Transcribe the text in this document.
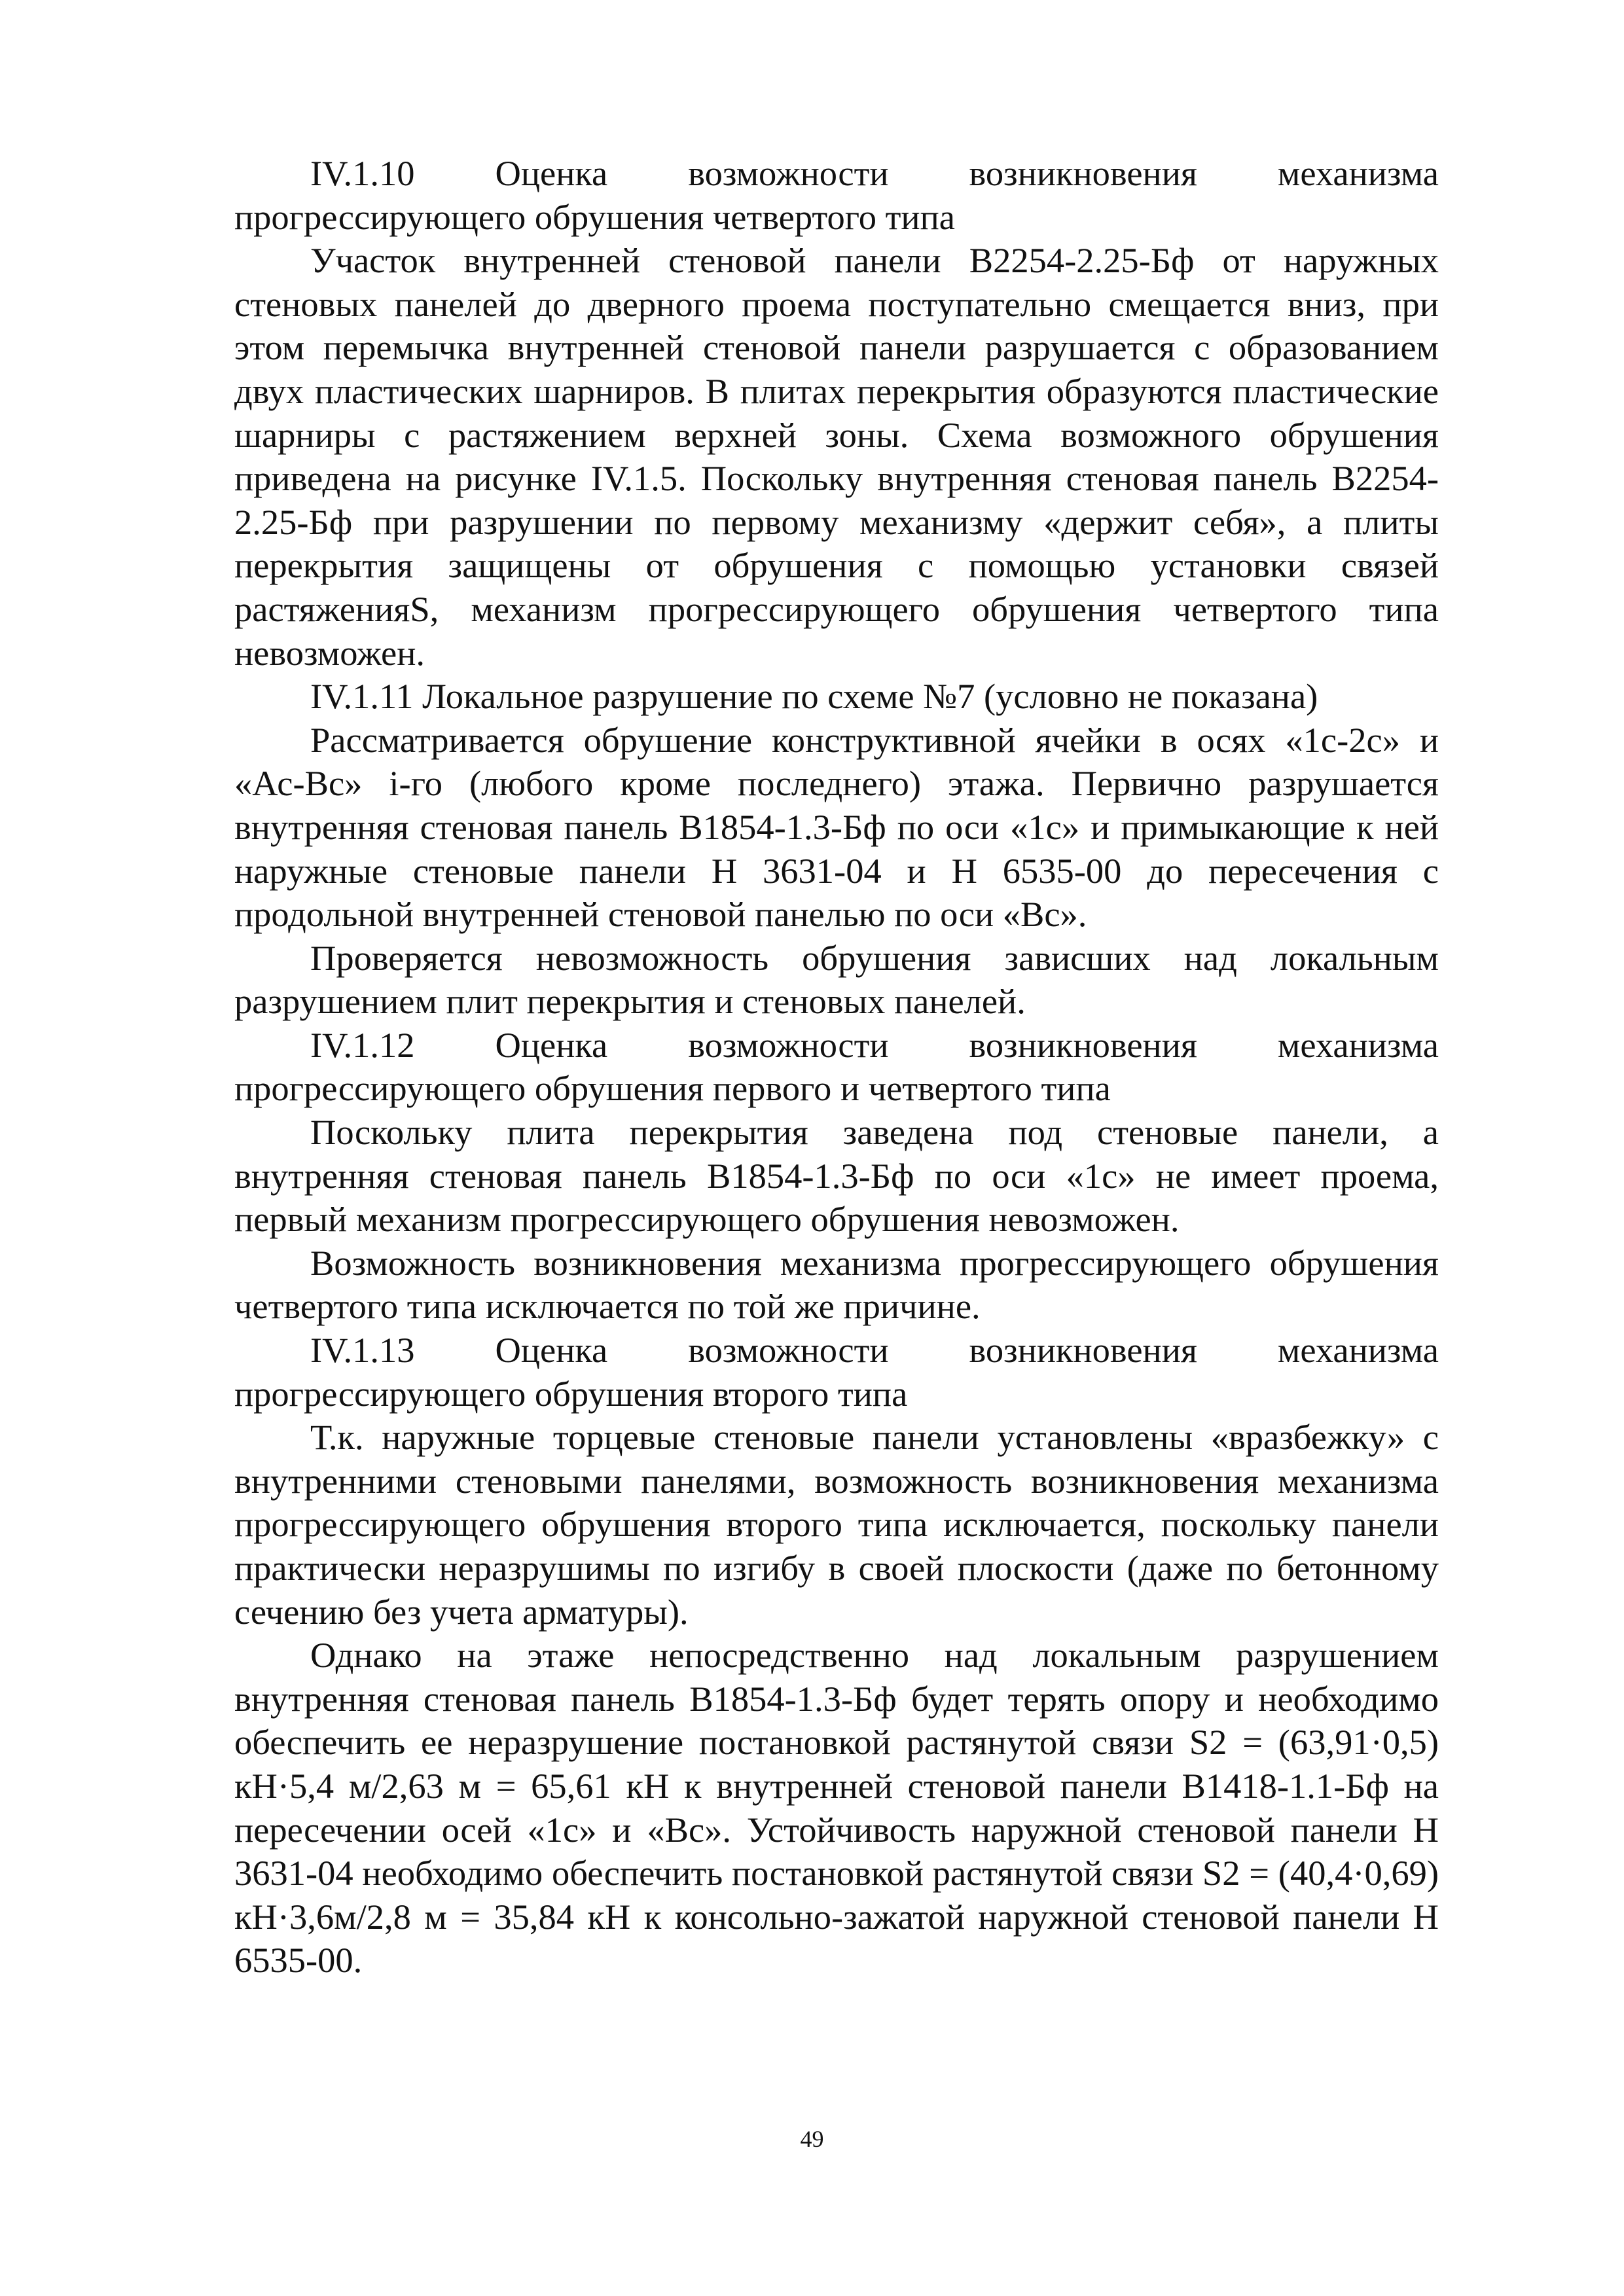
IV.1.10 Оценка возможности возникновения механизма прогрессирующего обрушения четвертого типа

Участок внутренней стеновой панели В2254-2.25-Бф от наружных стеновых панелей до дверного проема поступательно смещается вниз, при этом перемычка внутренней стеновой панели разрушается с образованием двух пластических шарниров. В плитах перекрытия образуются пластические шарниры с растяжением верхней зоны. Схема возможного обрушения приведена на рисунке IV.1.5. Поскольку внутренняя стеновая панель В2254-2.25-Бф при разрушении по первому механизму «держит себя», а плиты перекрытия защищены от обрушения с помощью установки связей растяженияS, механизм прогрессирующего обрушения четвертого типа невозможен.

IV.1.11 Локальное разрушение по схеме №7 (условно не показана)

Рассматривается обрушение конструктивной ячейки в осях «1с-2с» и «Ас-Вс» i-го (любого кроме последнего) этажа. Первично разрушается внутренняя стеновая панель В1854-1.3-Бф по оси «1с» и примыкающие к ней наружные стеновые панели Н 3631-04 и Н 6535-00 до пересечения с продольной внутренней стеновой панелью по оси «Вс».

Проверяется невозможность обрушения зависших над локальным разрушением плит перекрытия и стеновых панелей.

IV.1.12 Оценка возможности возникновения механизма прогрессирующего обрушения первого и четвертого типа

Поскольку плита перекрытия заведена под стеновые панели, а внутренняя стеновая панель В1854-1.3-Бф по оси «1с» не имеет проема, первый механизм прогрессирующего обрушения невозможен.

Возможность возникновения механизма прогрессирующего обрушения четвертого типа исключается по той же причине.

IV.1.13 Оценка возможности возникновения механизма прогрессирующего обрушения второго типа

Т.к. наружные торцевые стеновые панели установлены «вразбежку» с внутренними стеновыми панелями, возможность возникновения механизма прогрессирующего обрушения второго типа исключается, поскольку панели практически неразрушимы по изгибу в своей плоскости (даже по бетонному сечению без учета арматуры).

Однако на этаже непосредственно над локальным разрушением внутренняя стеновая панель В1854-1.3-Бф будет терять опору и необходимо обеспечить ее неразрушение постановкой растянутой связи S2 = (63,91·0,5) кН·5,4 м/2,63 м = 65,61 кН к внутренней стеновой панели В1418-1.1-Бф на пересечении осей «1с» и «Вс». Устойчивость наружной стеновой панели Н 3631-04 необходимо обеспечить постановкой растянутой связи S2 = (40,4·0,69) кН·3,6м/2,8 м = 35,84 кН к консольно-зажатой наружной стеновой панели Н 6535-00.

49
